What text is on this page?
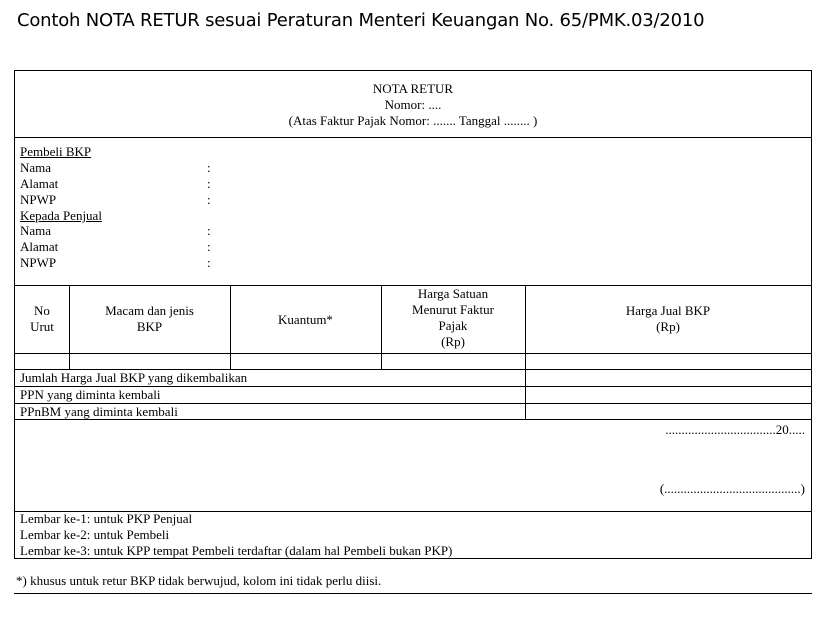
Contoh NOTA RETUR sesuai Peraturan Menteri Keuangan No. 65/PMK.03/2010
NOTA RETUR
Nomor: ....
(Atas Faktur Pajak Nomor: ....... Tanggal ........ )
Pembeli BKP
Nama
Alamat
NPWP
:
:
:
Kepada Penjual
Nama
Alamat
NPWP
:
:
:
No
Urut
Macam dan jenis
BKP	Kuantum*
Harga Satuan
Menurut Faktur
Pajak
(Rp)
Harga Jual BKP
(Rp)
Jumlah Harga Jual BKP yang dikembalikan
PPN yang diminta kembali
PPnBM yang diminta kembali
..................................20.....
(..........................................)
Lembar ke-1: untuk PKP Penjual
Lembar ke-2: untuk Pembeli
Lembar ke-3: untuk KPP tempat Pembeli terdaftar (dalam hal Pembeli bukan PKP)
*) khusus untuk retur BKP tidak berwujud, kolom ini tidak perlu diisi.
